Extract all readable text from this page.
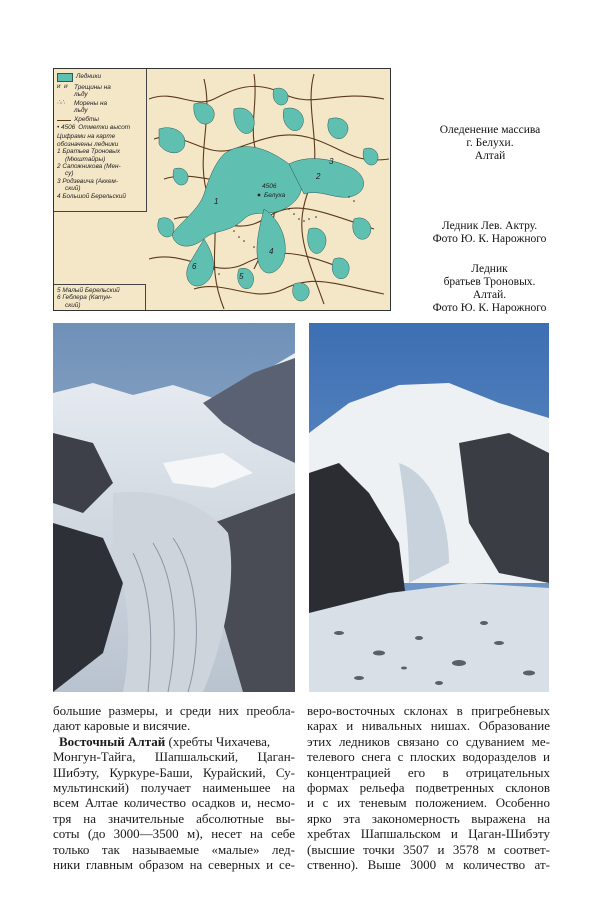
1
2
3
4
5
6
4506
Белуха
Ледники
ᴎ ᴎ Трещины на
льду
∴∴	Морены на
льду
Хребты
• 4506 Отметки высот
Цифрами на карте
обозначены ледники
1 Братьев Троновых
(Мюштайры)
2 Сапожникова (Мен-
су)
3 Родзевича (Аккем-
ский)
4 Большой Берельский
5 Малый Берельский
6 Геблера (Катун-
ский)
Оледенение массива
г. Белухи.
Алтай
Ледник Лев. Актру.
Фото Ю. К. Нарожного
Ледник
братьев Троновых.
Алтай.
Фото Ю. К. Нарожного
большие размеры, и среди них преобла-
дают каровые и висячие.
Восточный Алтай (хребты Чихачева,
Монгун-Тайга, Шапшальский, Цаган-
Шибэту, Куркуре-Баши, Курайский, Су-
мультинский) получает наименьшее на
всем Алтае количество осадков и, несмо-
тря на значительные абсолютные вы-
соты (до 3000—3500 м), несет на себе
только так называемые «малые» лед-
ники главным образом на северных и се-
веро-восточных склонах в пригребневых
карах и нивальных нишах. Образование
этих ледников связано со сдуванием ме-
телевого снега с плоских водоразделов и
концентрацией его в отрицательных
формах рельефа подветренных склонов
и с их теневым положением. Особенно
ярко эта закономерность выражена на
хребтах Шапшальском и Цаган-Шибэту
(высшие точки 3507 и 3578 м соответ-
ственно). Выше 3000 м количество ат-
